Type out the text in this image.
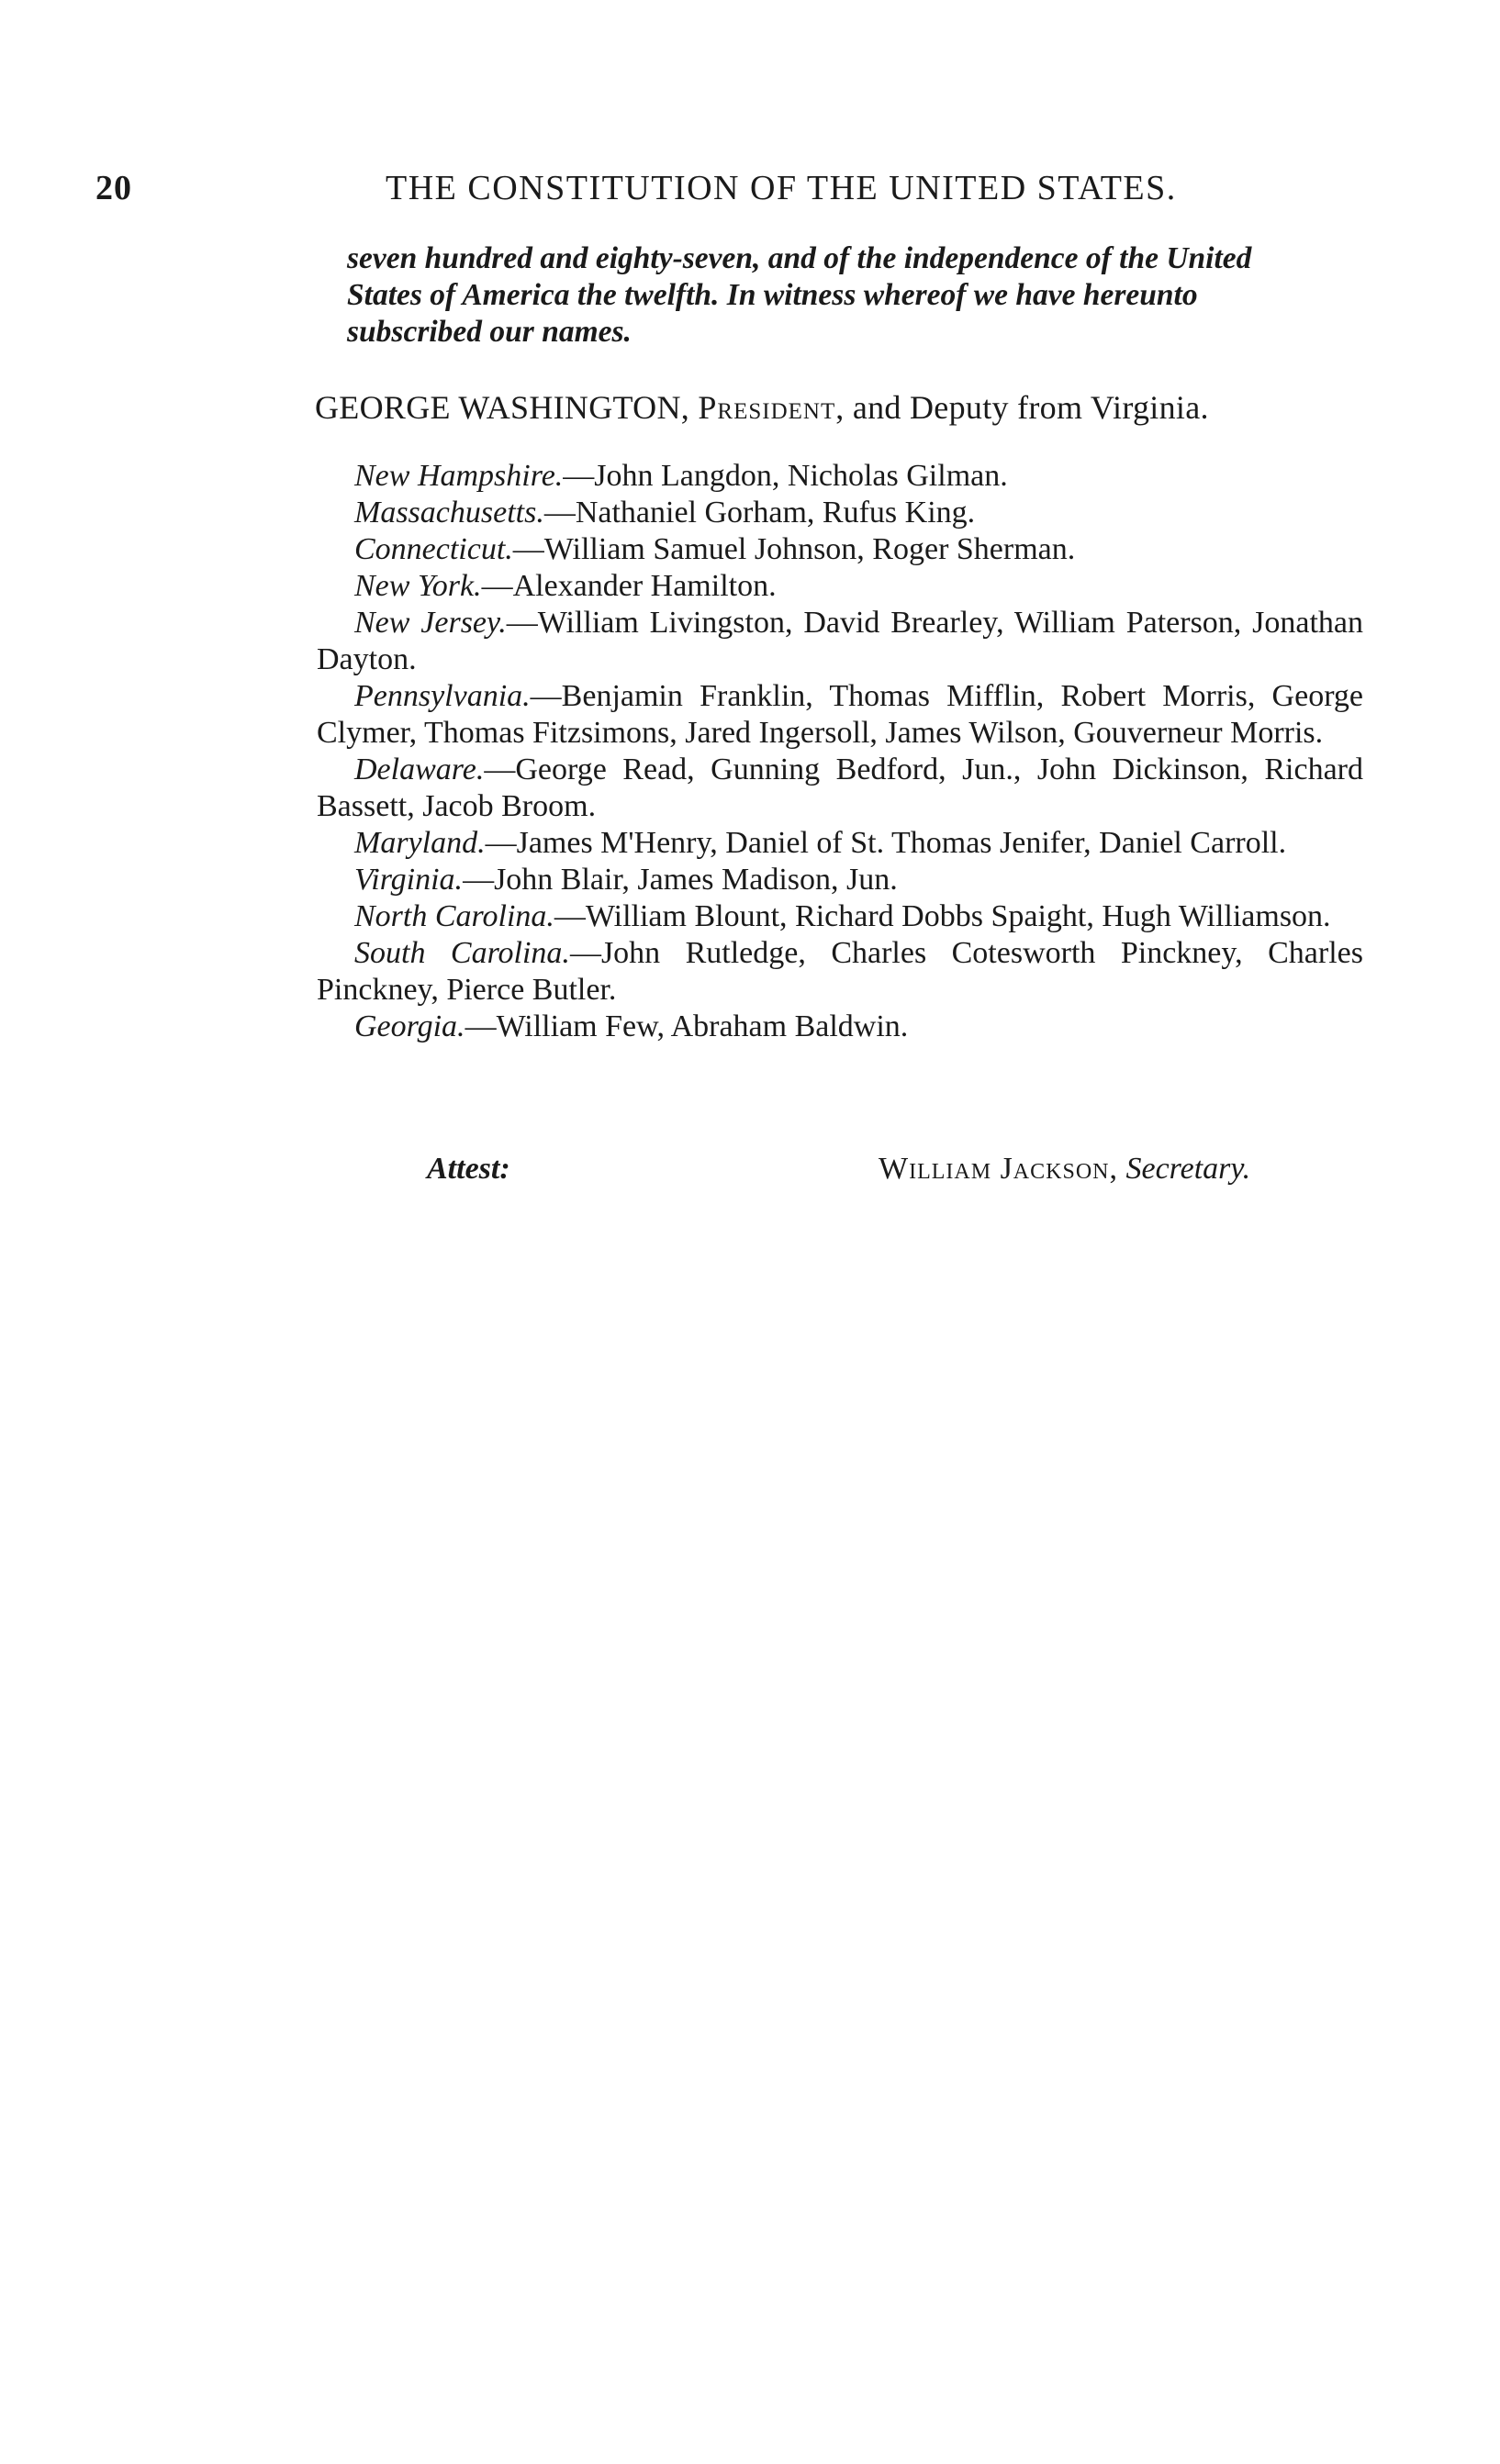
20	THE CONSTITUTION OF THE UNITED STATES.
seven hundred and eighty-seven, and of the independence of the United
States of America the twelfth. In witness whereof we have hereunto
subscribed our names.
GEORGE WASHINGTON, President, and Deputy from Virginia.
New Hampshire.—John Langdon, Nicholas Gilman.
Massachusetts.—Nathaniel Gorham, Rufus King.
Connecticut.—William Samuel Johnson, Roger Sherman.
New York.—Alexander Hamilton.
New Jersey.—William Livingston, David Brearley, William Paterson, Jonathan Dayton.
Pennsylvania.—Benjamin Franklin, Thomas Mifflin, Robert Morris, George Clymer, Thomas Fitzsimons, Jared Ingersoll, James Wilson, Gouverneur Morris.
Delaware.—George Read, Gunning Bedford, Jun., John Dickinson, Richard Bassett, Jacob Broom.
Maryland.—James M'Henry, Daniel of St. Thomas Jenifer, Daniel Carroll.
Virginia.—John Blair, James Madison, Jun.
North Carolina.—William Blount, Richard Dobbs Spaight, Hugh Williamson.
South Carolina.—John Rutledge, Charles Cotesworth Pinckney, Charles Pinckney, Pierce Butler.
Georgia.—William Few, Abraham Baldwin.
Attest:	William Jackson, Secretary.
